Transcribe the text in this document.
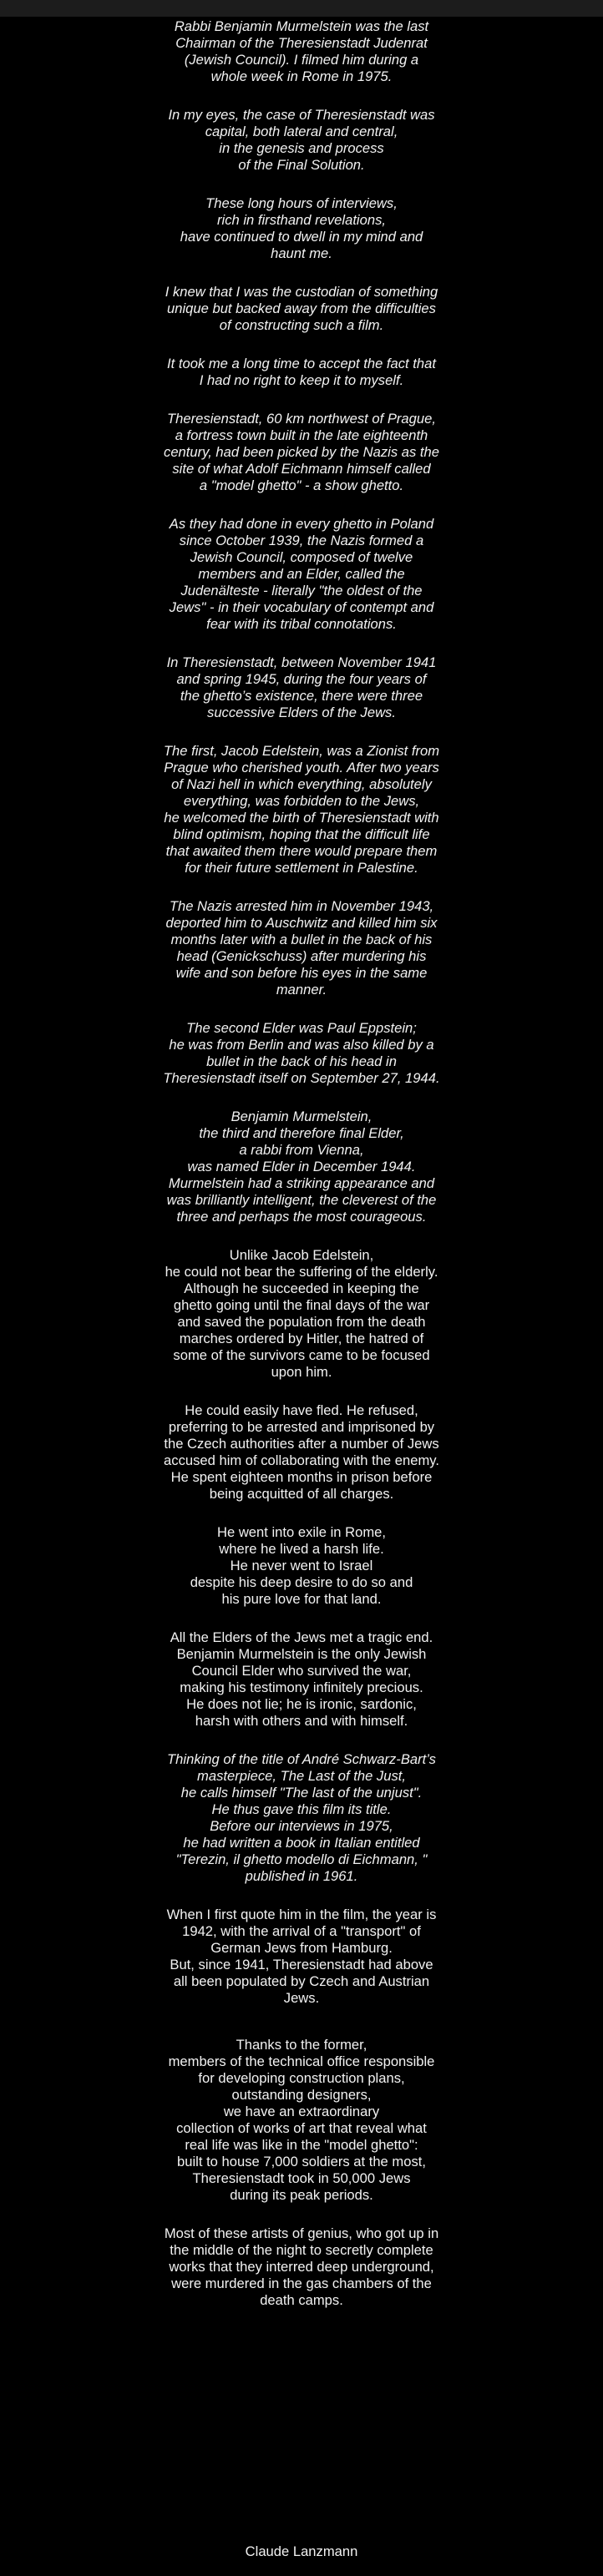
Rabbi Benjamin Murmelstein was the last
Chairman of the Theresienstadt Judenrat
(Jewish Council). I filmed him during a
whole week in Rome in 1975.
In my eyes, the case of Theresienstadt was
capital, both lateral and central,
in the genesis and process
of the Final Solution.
These long hours of interviews,
rich in firsthand revelations,
have continued to dwell in my mind and
haunt me.
I knew that I was the custodian of something
unique but backed away from the difficulties
of constructing such a film.
It took me a long time to accept the fact that
I had no right to keep it to myself.
Theresienstadt, 60 km northwest of Prague,
a fortress town built in the late eighteenth
century, had been picked by the Nazis as the
site of what Adolf Eichmann himself called
a "model ghetto" - a show ghetto.
As they had done in every ghetto in Poland
since October 1939, the Nazis formed a
Jewish Council, composed of twelve
members and an Elder, called the
Judenälteste - literally "the oldest of the
Jews" - in their vocabulary of contempt and
fear with its tribal connotations.
In Theresienstadt, between November 1941
and spring 1945, during the four years of
the ghetto’s existence, there were three
successive Elders of the Jews.
The first, Jacob Edelstein, was a Zionist from
Prague who cherished youth. After two years
of Nazi hell in which everything, absolutely
everything, was forbidden to the Jews,
he welcomed the birth of Theresienstadt with
blind optimism, hoping that the difficult life
that awaited them there would prepare them
for their future settlement in Palestine.
The Nazis arrested him in November 1943,
deported him to Auschwitz and killed him six
months later with a bullet in the back of his
head (Genickschuss) after murdering his
wife and son before his eyes in the same
manner.
The second Elder was Paul Eppstein;
he was from Berlin and was also killed by a
bullet in the back of his head in
Theresienstadt itself on September 27, 1944.
Benjamin Murmelstein,
the third and therefore final Elder,
a rabbi from Vienna,
was named Elder in December 1944.
Murmelstein had a striking appearance and
was brilliantly intelligent, the cleverest of the
three and perhaps the most courageous.
Unlike Jacob Edelstein,
he could not bear the suffering of the elderly.
Although he succeeded in keeping the
ghetto going until the final days of the war
and saved the population from the death
marches ordered by Hitler, the hatred of
some of the survivors came to be focused
upon him.
He could easily have fled. He refused,
preferring to be arrested and imprisoned by
the Czech authorities after a number of Jews
accused him of collaborating with the enemy.
He spent eighteen months in prison before
being acquitted of all charges.
He went into exile in Rome,
where he lived a harsh life.
He never went to Israel
despite his deep desire to do so and
his pure love for that land.
All the Elders of the Jews met a tragic end.
Benjamin Murmelstein is the only Jewish
Council Elder who survived the war,
making his testimony infinitely precious.
He does not lie; he is ironic, sardonic,
harsh with others and with himself.
Thinking of the title of André Schwarz-Bart’s
masterpiece, The Last of the Just,
he calls himself "The last of the unjust".
He thus gave this film its title.
Before our interviews in 1975,
he had written a book in Italian entitled
"Terezin, il ghetto modello di Eichmann, "
published in 1961.
When I first quote him in the film, the year is
1942, with the arrival of a "transport" of
German Jews from Hamburg.
But, since 1941, Theresienstadt had above
all been populated by Czech and Austrian
Jews.
Thanks to the former,
members of the technical office responsible
for developing construction plans,
outstanding designers,
we have an extraordinary
collection of works of art that reveal what
real life was like in the "model ghetto":
built to house 7,000 soldiers at the most,
Theresienstadt took in 50,000 Jews
during its peak periods.
Most of these artists of genius, who got up in
the middle of the night to secretly complete
works that they interred deep underground,
were murdered in the gas chambers of the
death camps.
Claude Lanzmann
